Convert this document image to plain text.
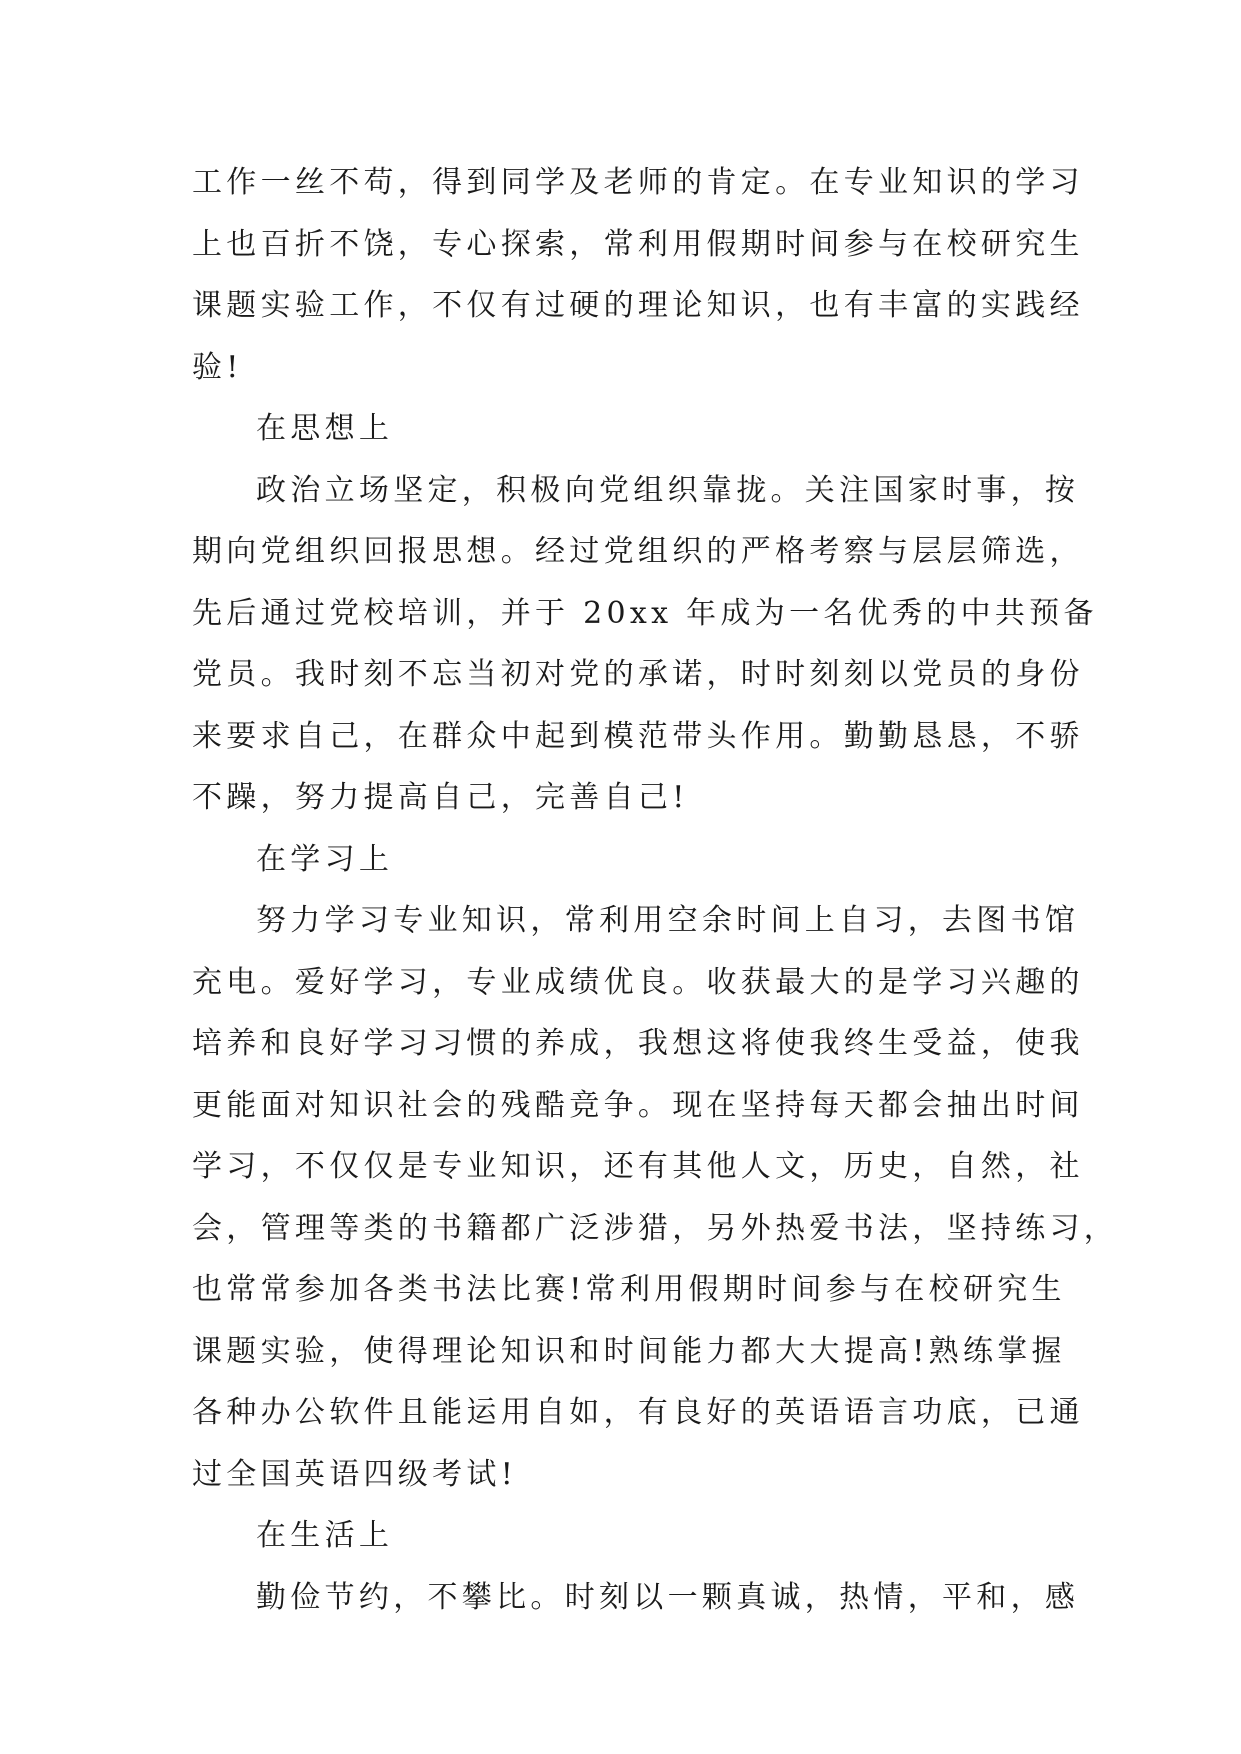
工作一丝不苟，得到同学及老师的肯定。在专业知识的学习
上也百折不饶，专心探索，常利用假期时间参与在校研究生
课题实验工作，不仅有过硬的理论知识，也有丰富的实践经
验!
在思想上
政治立场坚定，积极向党组织靠拢。关注国家时事，按
期向党组织回报思想。经过党组织的严格考察与层层筛选，
先后通过党校培训，并于 20xx 年成为一名优秀的中共预备
党员。我时刻不忘当初对党的承诺，时时刻刻以党员的身份
来要求自己，在群众中起到模范带头作用。勤勤恳恳，不骄
不躁，努力提高自己，完善自己!
在学习上
努力学习专业知识，常利用空余时间上自习，去图书馆
充电。爱好学习，专业成绩优良。收获最大的是学习兴趣的
培养和良好学习习惯的养成，我想这将使我终生受益，使我
更能面对知识社会的残酷竞争。现在坚持每天都会抽出时间
学习，不仅仅是专业知识，还有其他人文，历史，自然，社
会，管理等类的书籍都广泛涉猎，另外热爱书法，坚持练习，
也常常参加各类书法比赛!常利用假期时间参与在校研究生
课题实验，使得理论知识和时间能力都大大提高!熟练掌握
各种办公软件且能运用自如，有良好的英语语言功底，已通
过全国英语四级考试!
在生活上
勤俭节约，不攀比。时刻以一颗真诚，热情，平和，感
